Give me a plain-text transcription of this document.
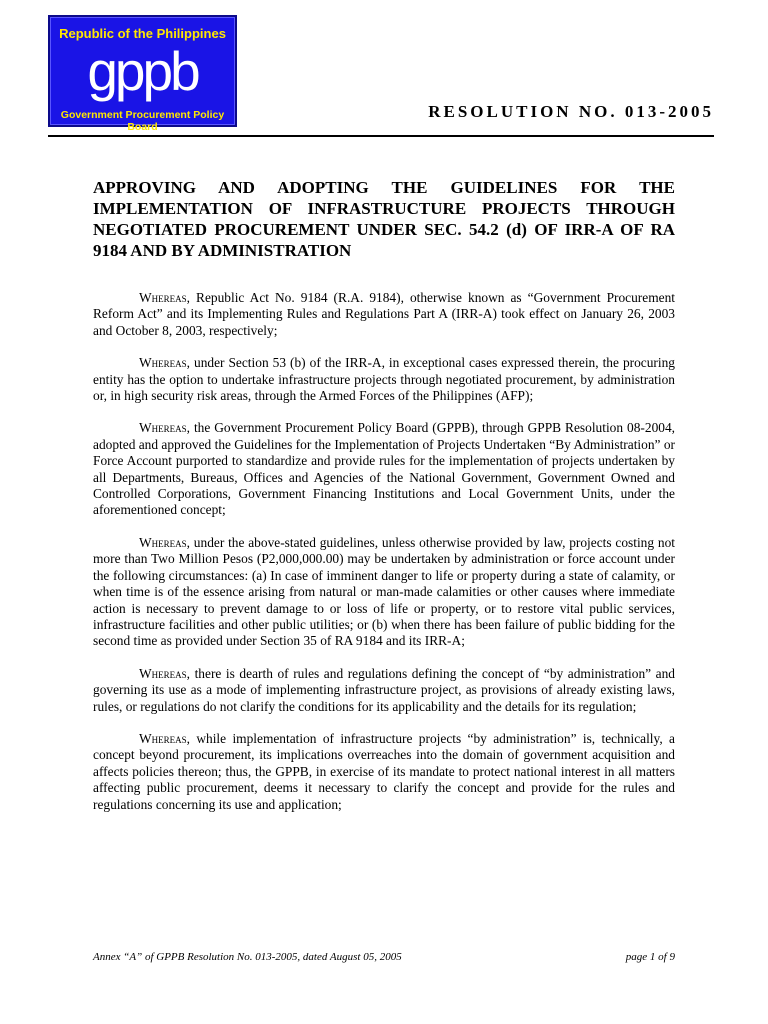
Republic of the Philippines
gppb
Government Procurement Policy Board
RESOLUTION NO. 013-2005
APPROVING AND ADOPTING THE GUIDELINES FOR THE IMPLEMENTATION OF INFRASTRUCTURE PROJECTS THROUGH NEGOTIATED PROCUREMENT UNDER SEC. 54.2 (d) OF IRR-A OF RA 9184 AND BY ADMINISTRATION

Whereas, Republic Act No. 9184 (R.A. 9184), otherwise known as “Government Procurement Reform Act” and its Implementing Rules and Regulations Part A (IRR-A) took effect on January 26, 2003 and October 8, 2003, respectively;

Whereas, under Section 53 (b) of the IRR-A, in exceptional cases expressed therein, the procuring entity has the option to undertake infrastructure projects through negotiated procurement, by administration or, in high security risk areas, through the Armed Forces of the Philippines (AFP);

Whereas, the Government Procurement Policy Board (GPPB), through GPPB Resolution 08-2004, adopted and approved the Guidelines for the Implementation of Projects Undertaken “By Administration” or Force Account purported to standardize and provide rules for the implementation of projects undertaken by all Departments, Bureaus, Offices and Agencies of the National Government, Government Owned and Controlled Corporations, Government Financing Institutions and Local Government Units, under the aforementioned concept;

Whereas, under the above-stated guidelines, unless otherwise provided by law, projects costing not more than Two Million Pesos (P2,000,000.00) may be undertaken by administration or force account under the following circumstances: (a) In case of imminent danger to life or property during a state of calamity, or when time is of the essence arising from natural or man-made calamities or other causes where immediate action is necessary to prevent damage to or loss of life or property, or to restore vital public services, infrastructure facilities and other public utilities; or (b) when there has been failure of public bidding for the second time as provided under Section 35 of RA 9184 and its IRR-A;

Whereas, there is dearth of rules and regulations defining the concept of “by administration” and governing its use as a mode of implementing infrastructure project, as provisions of already existing laws, rules, or regulations do not clarify the conditions for its applicability and the details for its regulation;

Whereas, while implementation of infrastructure projects “by administration” is, technically, a concept beyond procurement, its implications overreaches into the domain of government acquisition and affects policies thereon; thus, the GPPB, in exercise of its mandate to protect national interest in all matters affecting public procurement, deems it necessary to clarify the concept and provide for the rules and regulations concerning its use and application;

Annex “A” of GPPB Resolution No. 013-2005, dated August 05, 2005	page 1 of 9
